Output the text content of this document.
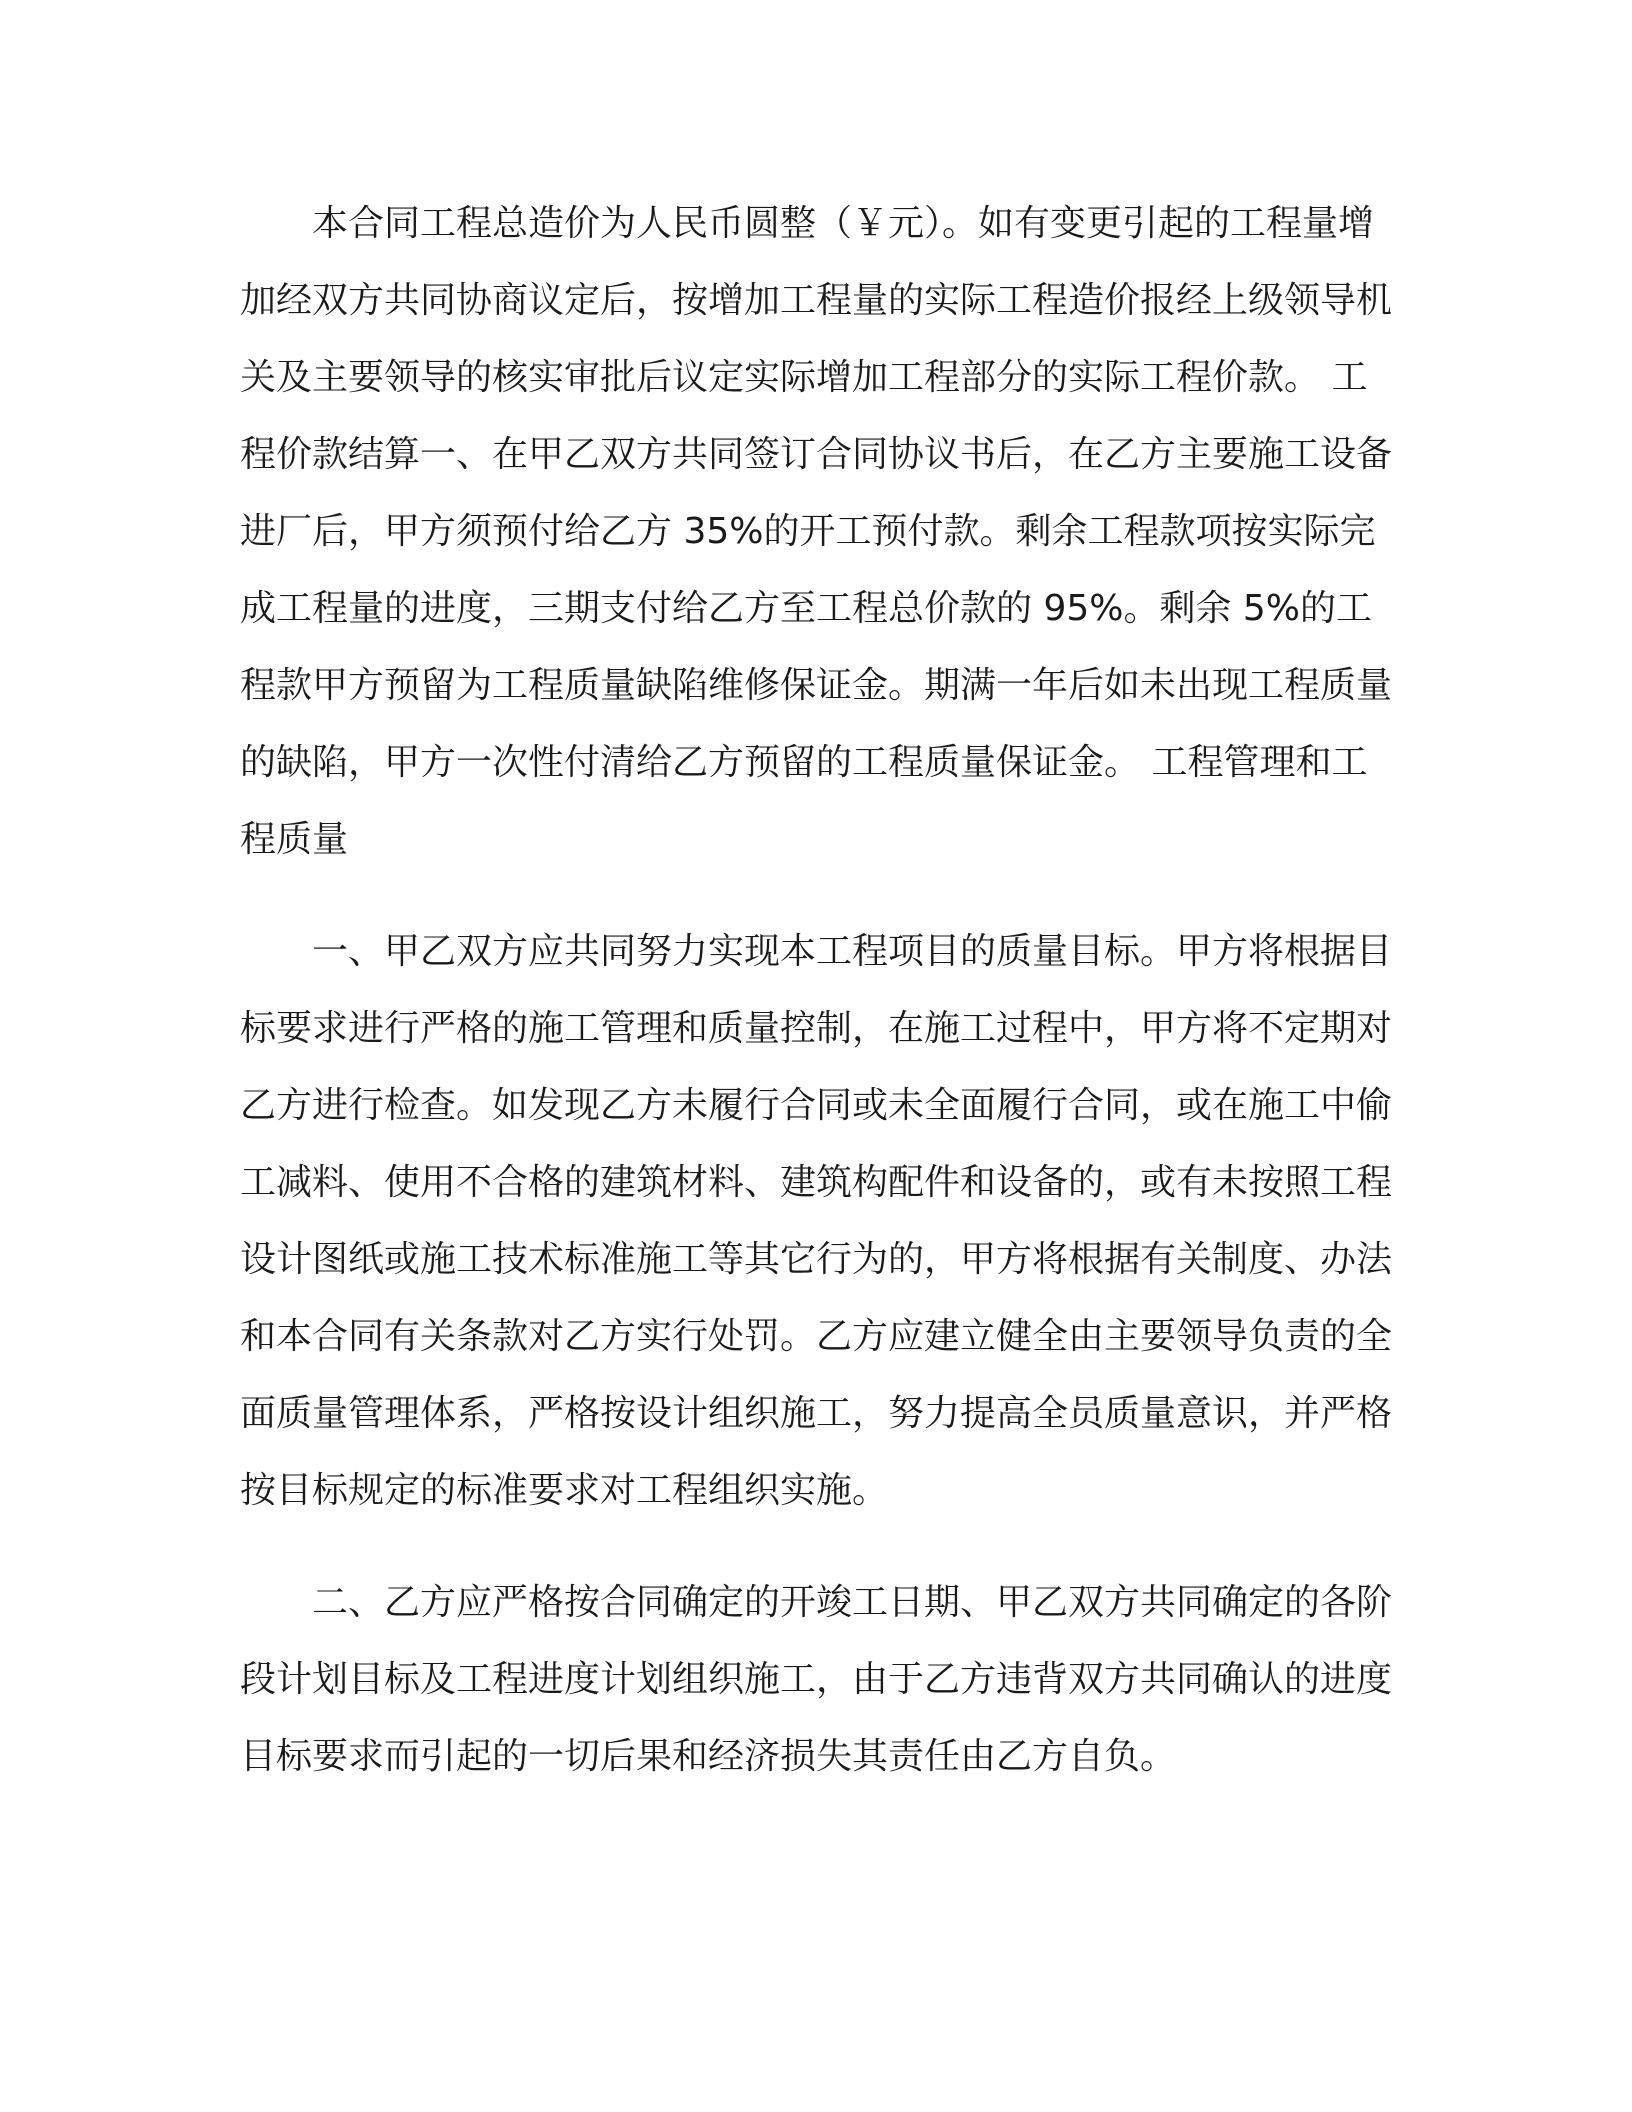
本合同工程总造价为人民币圆整（￥元）。如有变更引起的工程量增加经双方共同协商议定后，按增加工程量的实际工程造价报经上级领导机关及主要领导的核实审批后议定实际增加工程部分的实际工程价款。 工程价款结算一、在甲乙双方共同签订合同协议书后，在乙方主要施工设备进厂后，甲方须预付给乙方 35%的开工预付款。剩余工程款项按实际完成工程量的进度，三期支付给乙方至工程总价款的 95%。剩余 5%的工程款甲方预留为工程质量缺陷维修保证金。期满一年后如未出现工程质量的缺陷，甲方一次性付清给乙方预留的工程质量保证金。 工程管理和工程质量

一、甲乙双方应共同努力实现本工程项目的质量目标。甲方将根据目标要求进行严格的施工管理和质量控制，在施工过程中，甲方将不定期对乙方进行检查。如发现乙方未履行合同或未全面履行合同，或在施工中偷工减料、使用不合格的建筑材料、建筑构配件和设备的，或有未按照工程设计图纸或施工技术标准施工等其它行为的，甲方将根据有关制度、办法和本合同有关条款对乙方实行处罚。乙方应建立健全由主要领导负责的全面质量管理体系，严格按设计组织施工，努力提高全员质量意识，并严格按目标规定的标准要求对工程组织实施。

二、乙方应严格按合同确定的开竣工日期、甲乙双方共同确定的各阶段计划目标及工程进度计划组织施工，由于乙方违背双方共同确认的进度目标要求而引起的一切后果和经济损失其责任由乙方自负。
